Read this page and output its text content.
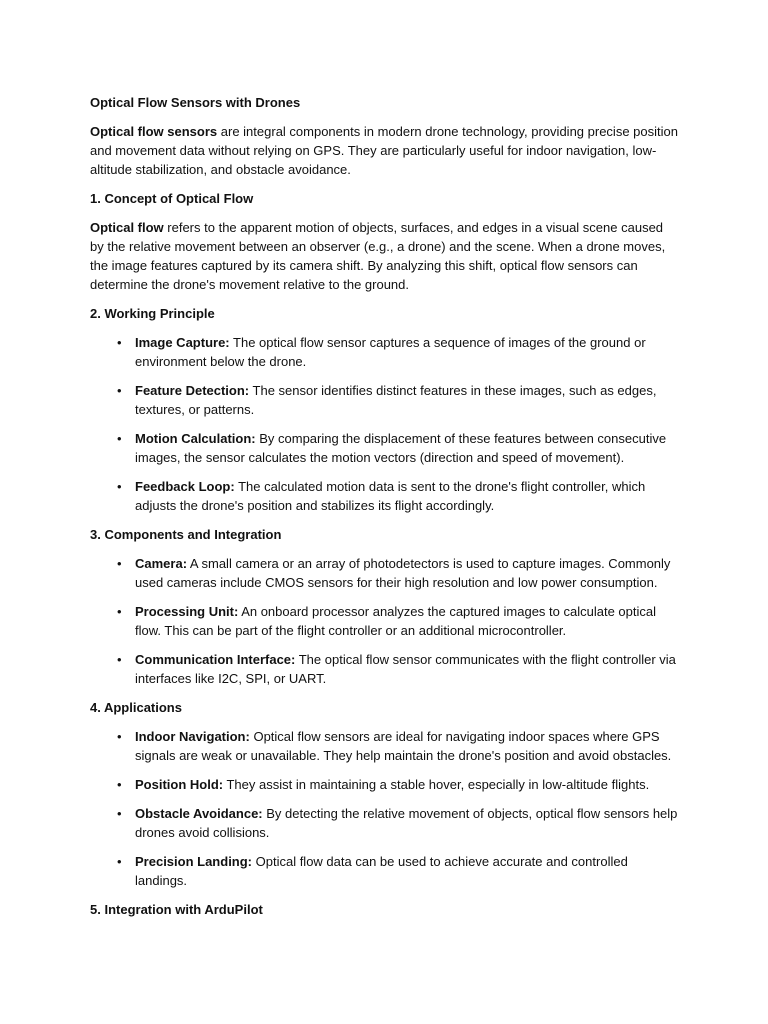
Optical Flow Sensors with Drones

Optical flow sensors are integral components in modern drone technology, providing precise position and movement data without relying on GPS. They are particularly useful for indoor navigation, low-altitude stabilization, and obstacle avoidance.

1. Concept of Optical Flow

Optical flow refers to the apparent motion of objects, surfaces, and edges in a visual scene caused by the relative movement between an observer (e.g., a drone) and the scene. When a drone moves, the image features captured by its camera shift. By analyzing this shift, optical flow sensors can determine the drone's movement relative to the ground.

2. Working Principle

• Image Capture: The optical flow sensor captures a sequence of images of the ground or environment below the drone.
• Feature Detection: The sensor identifies distinct features in these images, such as edges, textures, or patterns.
• Motion Calculation: By comparing the displacement of these features between consecutive images, the sensor calculates the motion vectors (direction and speed of movement).
• Feedback Loop: The calculated motion data is sent to the drone's flight controller, which adjusts the drone's position and stabilizes its flight accordingly.

3. Components and Integration

• Camera: A small camera or an array of photodetectors is used to capture images. Commonly used cameras include CMOS sensors for their high resolution and low power consumption.
• Processing Unit: An onboard processor analyzes the captured images to calculate optical flow. This can be part of the flight controller or an additional microcontroller.
• Communication Interface: The optical flow sensor communicates with the flight controller via interfaces like I2C, SPI, or UART.

4. Applications

• Indoor Navigation: Optical flow sensors are ideal for navigating indoor spaces where GPS signals are weak or unavailable. They help maintain the drone's position and avoid obstacles.
• Position Hold: They assist in maintaining a stable hover, especially in low-altitude flights.
• Obstacle Avoidance: By detecting the relative movement of objects, optical flow sensors help drones avoid collisions.
• Precision Landing: Optical flow data can be used to achieve accurate and controlled landings.

5. Integration with ArduPilot
